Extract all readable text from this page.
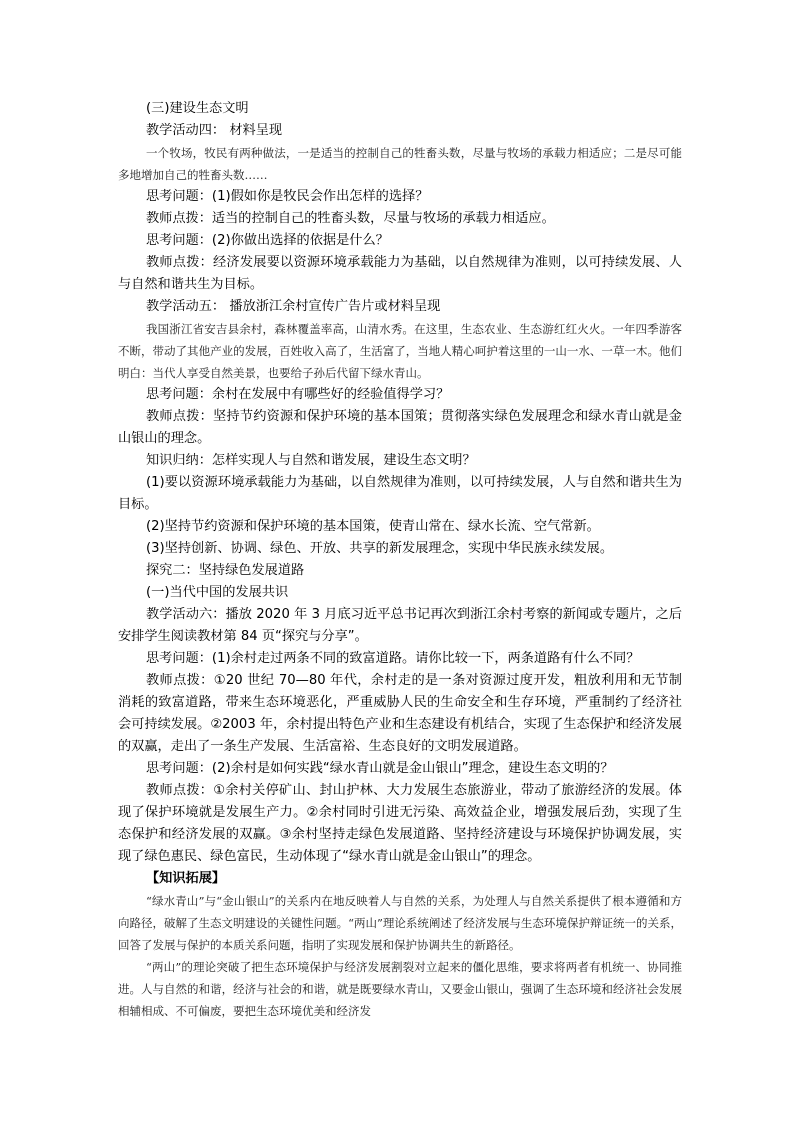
(三)建设生态文明

教学活动四： 材料呈现

一个牧场，牧民有两种做法，一是适当的控制自己的牲畜头数，尽量与牧场的承载力相适应；二是尽可能多地增加自己的牲畜头数……

思考问题：(1)假如你是牧民会作出怎样的选择？

教师点拨：适当的控制自己的牲畜头数，尽量与牧场的承载力相适应。

思考问题：(2)你做出选择的依据是什么？

教师点拨：经济发展要以资源环境承载能力为基础，以自然规律为准则，以可持续发展、人与自然和谐共生为目标。

教学活动五： 播放浙江余村宣传广告片或材料呈现

我国浙江省安吉县余村，森林覆盖率高，山清水秀。在这里，生态农业、生态游红红火火。一年四季游客不断，带动了其他产业的发展，百姓收入高了，生活富了，当地人精心呵护着这里的一山一水、一草一木。他们明白：当代人享受自然美景，也要给子孙后代留下绿水青山。

思考问题：余村在发展中有哪些好的经验值得学习？

教师点拨：坚持节约资源和保护环境的基本国策；贯彻落实绿色发展理念和绿水青山就是金山银山的理念。

知识归纳：怎样实现人与自然和谐发展，建设生态文明？

(1)要以资源环境承载能力为基础，以自然规律为准则，以可持续发展，人与自然和谐共生为目标。

(2)坚持节约资源和保护环境的基本国策，使青山常在、绿水长流、空气常新。

(3)坚持创新、协调、绿色、开放、共享的新发展理念，实现中华民族永续发展。

探究二：坚持绿色发展道路

(一)当代中国的发展共识

教学活动六：播放 2020 年 3 月底习近平总书记再次到浙江余村考察的新闻或专题片，之后安排学生阅读教材第 84 页“探究与分享”。

思考问题：(1)余村走过两条不同的致富道路。请你比较一下，两条道路有什么不同？

教师点拨：①20 世纪 70—80 年代，余村走的是一条对资源过度开发，粗放利用和无节制消耗的致富道路，带来生态环境恶化，严重威胁人民的生命安全和生存环境，严重制约了经济社会可持续发展。②2003 年，余村提出特色产业和生态建设有机结合，实现了生态保护和经济发展的双赢，走出了一条生产发展、生活富裕、生态良好的文明发展道路。

思考问题：(2)余村是如何实践“绿水青山就是金山银山”理念，建设生态文明的？

教师点拨：①余村关停矿山、封山护林、大力发展生态旅游业，带动了旅游经济的发展。体现了保护环境就是发展生产力。②余村同时引进无污染、高效益企业，增强发展后劲，实现了生态保护和经济发展的双赢。③余村坚持走绿色发展道路、坚持经济建设与环境保护协调发展，实现了绿色惠民、绿色富民，生动体现了“绿水青山就是金山银山”的理念。

【知识拓展】

“绿水青山”与“金山银山”的关系内在地反映着人与自然的关系，为处理人与自然关系提供了根本遵循和方向路径，破解了生态文明建设的关键性问题。“两山”理论系统阐述了经济发展与生态环境保护辩证统一的关系，回答了发展与保护的本质关系问题，指明了实现发展和保护协调共生的新路径。

“两山”的理论突破了把生态环境保护与经济发展割裂对立起来的僵化思维，要求将两者有机统一、协同推进。人与自然的和谐，经济与社会的和谐，就是既要绿水青山，又要金山银山，强调了生态环境和经济社会发展相辅相成、不可偏废，要把生态环境优美和经济发
